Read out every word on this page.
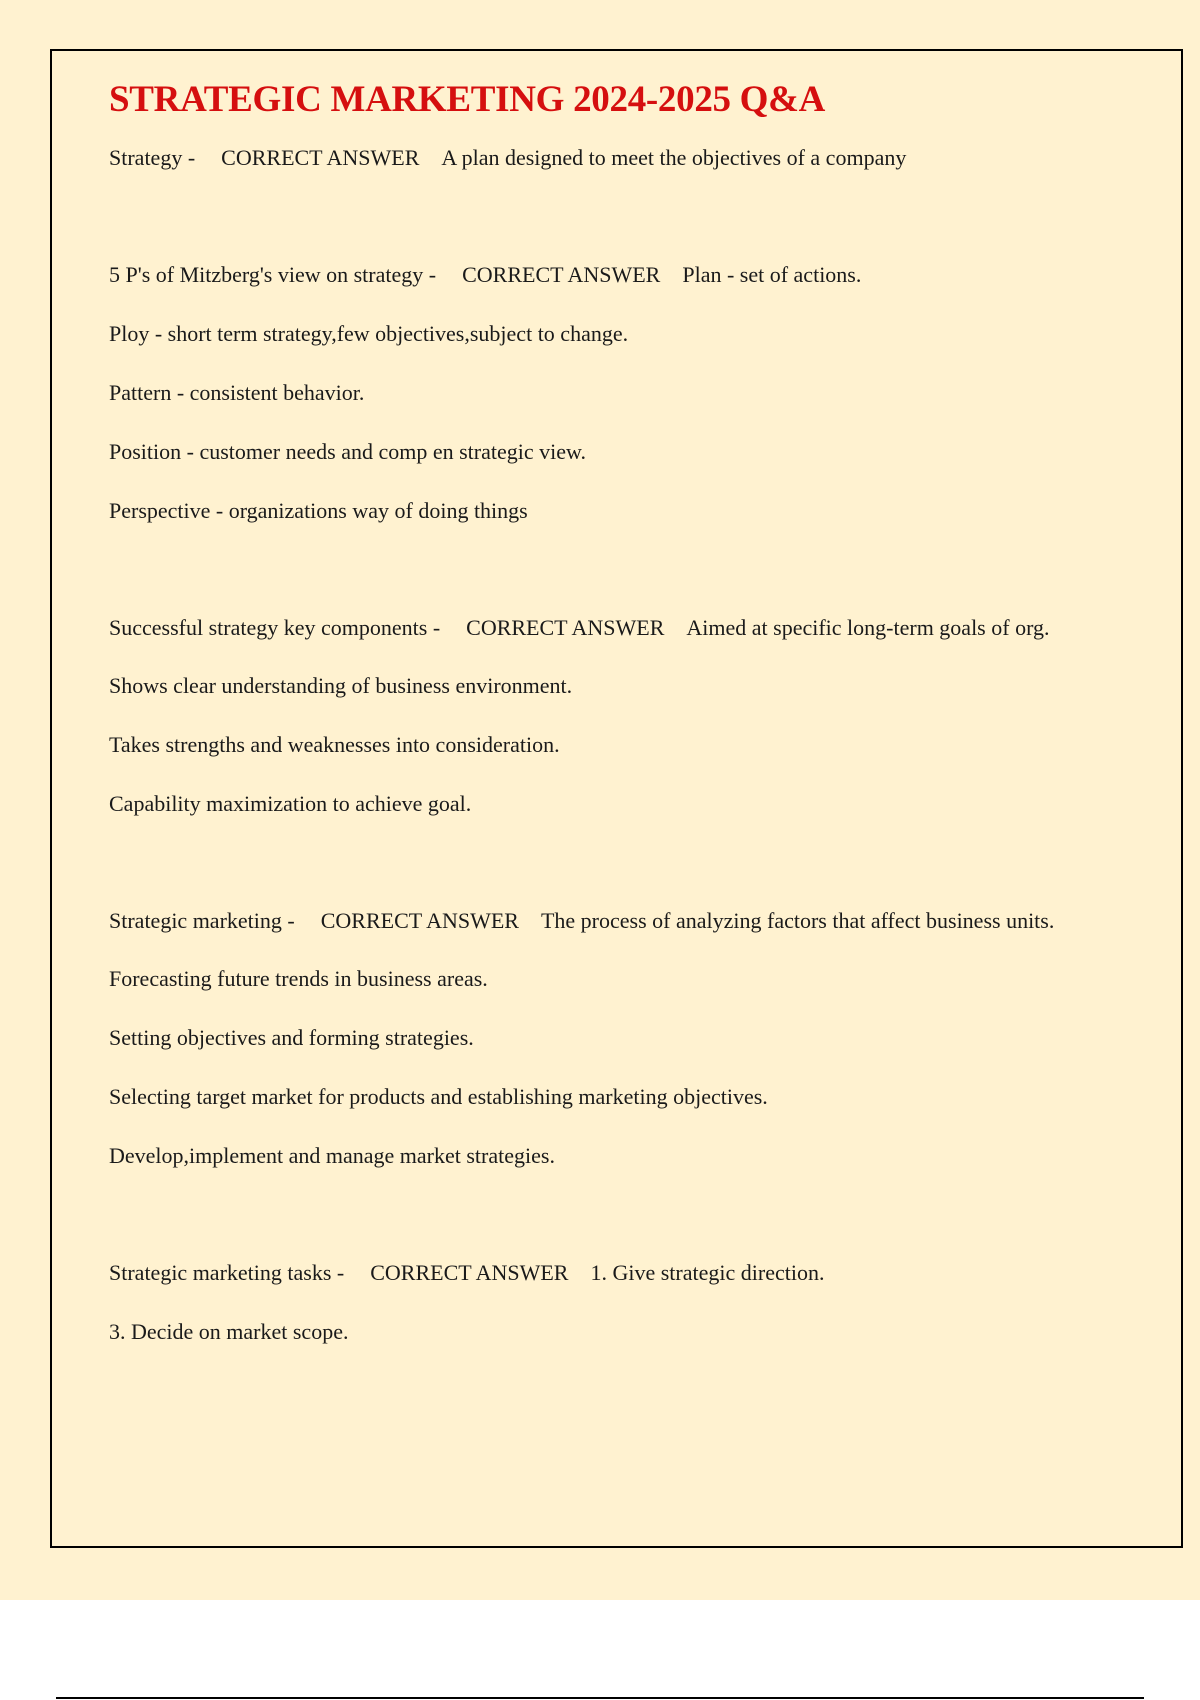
STRATEGIC MARKETING 2024-2025 Q&A
Strategy - CORRECT ANSWER A plan designed to meet the objectives of a company
5 P's of Mitzberg's view on strategy - CORRECT ANSWER Plan - set of actions.
Ploy - short term strategy,few objectives,subject to change.
Pattern - consistent behavior.
Position - customer needs and comp en strategic view.
Perspective - organizations way of doing things
Successful strategy key components - CORRECT ANSWER Aimed at specific long-term goals of org.
Shows clear understanding of business environment.
Takes strengths and weaknesses into consideration.
Capability maximization to achieve goal.
Strategic marketing - CORRECT ANSWER The process of analyzing factors that affect business units.
Forecasting future trends in business areas.
Setting objectives and forming strategies.
Selecting target market for products and establishing marketing objectives.
Develop,implement and manage market strategies.
Strategic marketing tasks - CORRECT ANSWER 1. Give strategic direction.
3. Decide on market scope.
